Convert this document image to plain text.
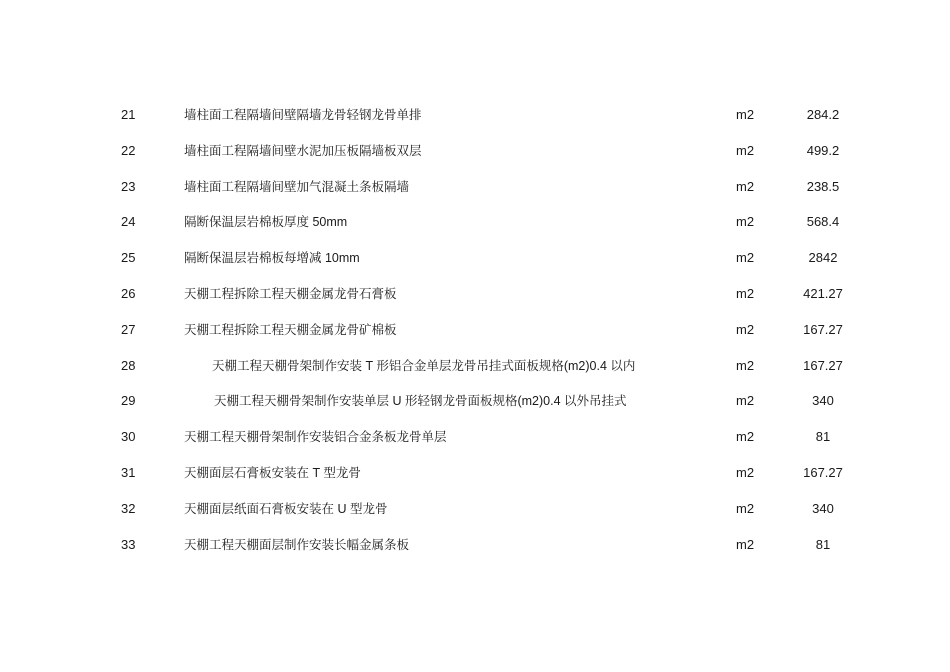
21	墙柱面工程隔墙间壁隔墙龙骨轻钢龙骨单排	m2	284.2
22	墙柱面工程隔墙间壁水泥加压板隔墙板双层	m2	499.2
23	墙柱面工程隔墙间壁加气混凝土条板隔墙	m2	238.5
24	隔断保温层岩棉板厚度 50mm	m2	568.4
25	隔断保温层岩棉板每增减 10mm	m2	2842
26	天棚工程拆除工程天棚金属龙骨石膏板	m2	421.27
27	天棚工程拆除工程天棚金属龙骨矿棉板	m2	167.27
28	天棚工程天棚骨架制作安装 T 形铝合金单层龙骨吊挂式面板规格(m2)0.4 以内	m2	167.27
29	天棚工程天棚骨架制作安装单层 U 形轻钢龙骨面板规格(m2)0.4 以外吊挂式	m2	340
30	天棚工程天棚骨架制作安装铝合金条板龙骨单层	m2	81
31	天棚面层石膏板安装在 T 型龙骨	m2	167.27
32	天棚面层纸面石膏板安装在 U 型龙骨	m2	340
33	天棚工程天棚面层制作安装长幅金属条板	m2	81
